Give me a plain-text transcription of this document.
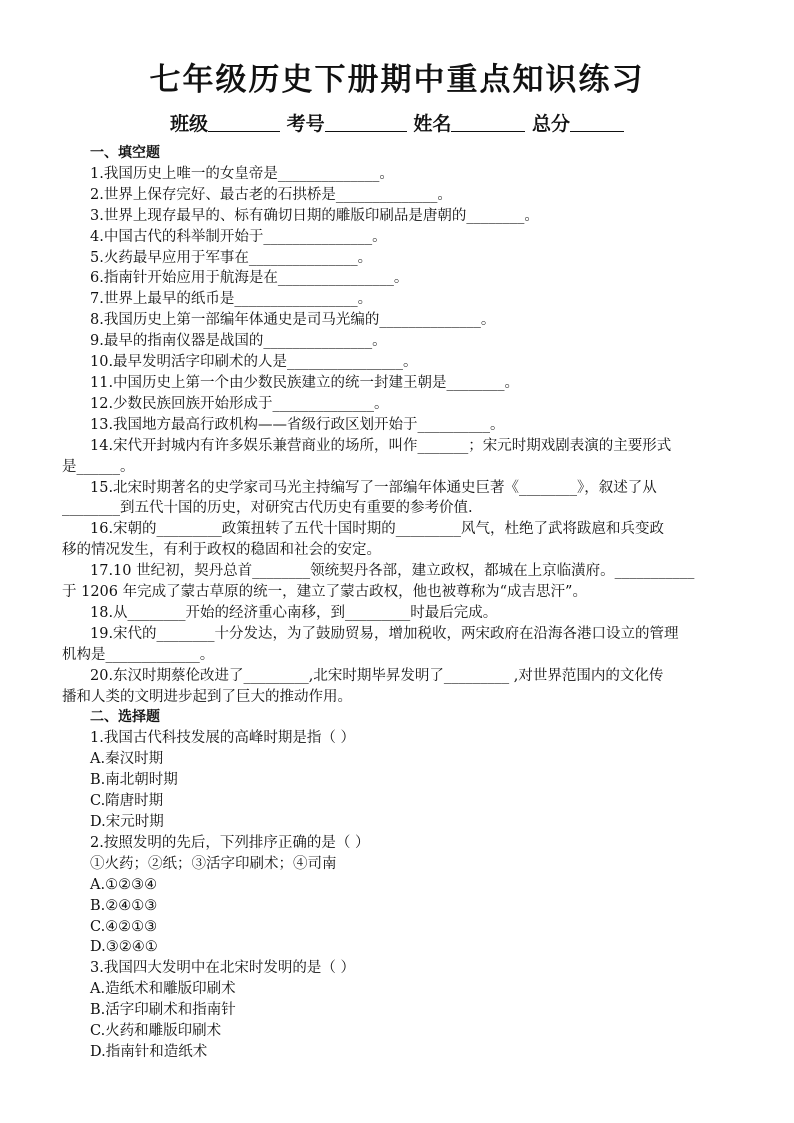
七年级历史下册期中重点知识练习
班级	考号	姓名	总分
一、填空题
1.我国历史上唯一的女皇帝是______________。
2.世界上保存完好、最古老的石拱桥是______________。
3.世界上现存最早的、标有确切日期的雕版印刷品是唐朝的________。
4.中国古代的科举制开始于_______________。
5.火药最早应用于军事在_______________。
6.指南针开始应用于航海是在________________。
7.世界上最早的纸币是_________________。
8.我国历史上第一部编年体通史是司马光编的______________。
9.最早的指南仪器是战国的_______________。
10.最早发明活字印刷术的人是________________。
11.中国历史上第一个由少数民族建立的统一封建王朝是________。
12.少数民族回族开始形成于______________。
13.我国地方最高行政机构——省级行政区划开始于__________。
14.宋代开封城内有许多娱乐兼营商业的场所，叫作_______；宋元时期戏剧表演的主要形式
是______。
15.北宋时期著名的史学家司马光主持编写了一部编年体通史巨著《________》，叙述了从
________到五代十国的历史，对研究古代历史有重要的参考价值.
16.宋朝的_________政策扭转了五代十国时期的_________风气，杜绝了武将跋扈和兵变政
移的情况发生，有利于政权的稳固和社会的安定。
17.10 世纪初，契丹总首________领统契丹各部，建立政权，都城在上京临潢府。___________
于 1206 年完成了蒙古草原的统一，建立了蒙古政权，他也被尊称为“成吉思汗”。
18.从________开始的经济重心南移，到_________时最后完成。
19.宋代的________十分发达，为了鼓励贸易，增加税收，两宋政府在沿海各港口设立的管理
机构是_____________。
20.东汉时期蔡伦改进了_________,北宋时期毕昇发明了_________ ,对世界范围内的文化传
播和人类的文明进步起到了巨大的推动作用。
二、选择题
1.我国古代科技发展的高峰时期是指（ ）
A.秦汉时期
B.南北朝时期
C.隋唐时期
D.宋元时期
2.按照发明的先后，下列排序正确的是（ ）
①火药；②纸；③活字印刷术；④司南
A.①②③④
B.②④①③
C.④②①③
D.③②④①
3.我国四大发明中在北宋时发明的是（ ）
A.造纸术和雕版印刷术
B.活字印刷术和指南针
C.火药和雕版印刷术
D.指南针和造纸术
